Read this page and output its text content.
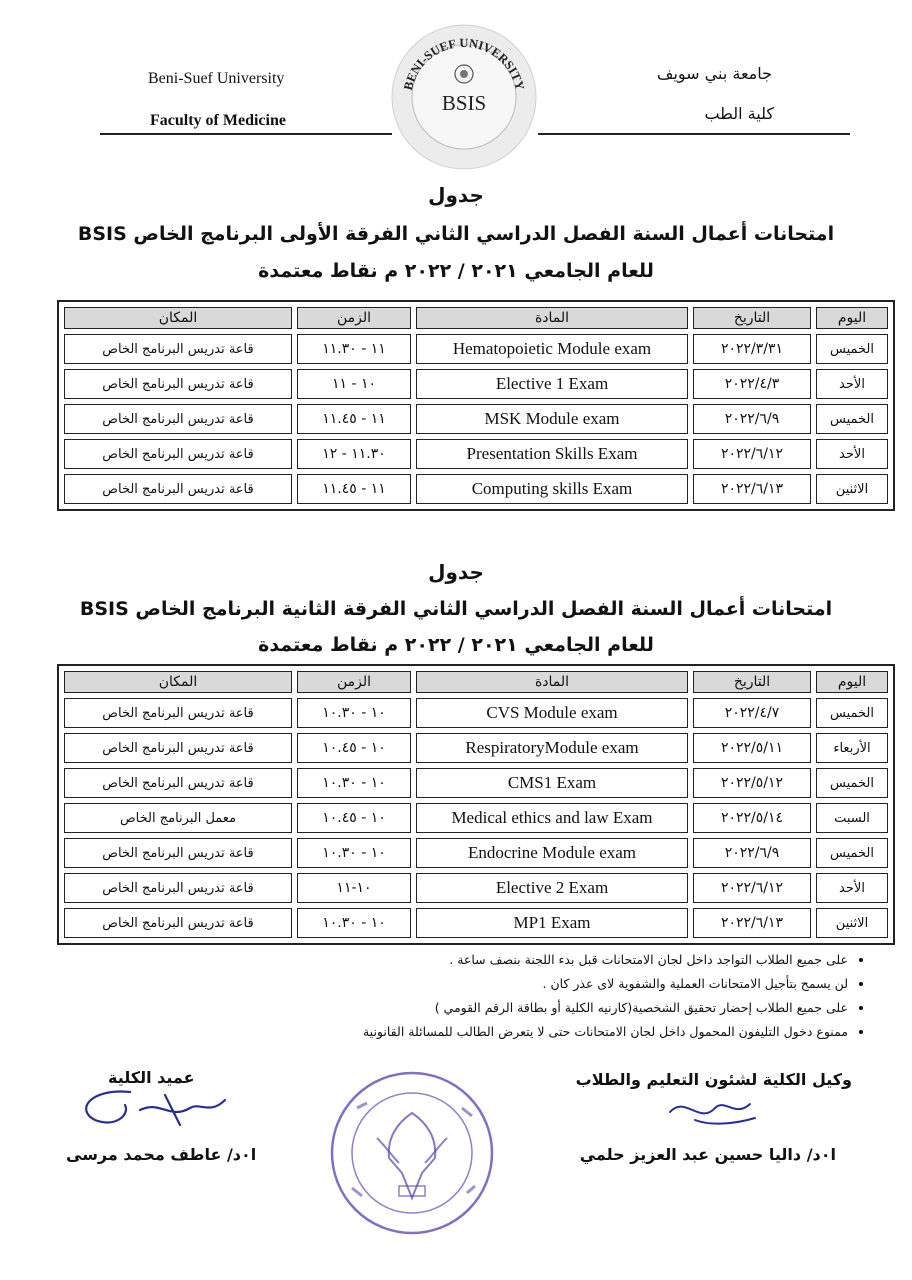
Beni-Suef University
Faculty of Medicine
جامعة بني سويف
كلية الطب
BENI-SUEF UNIVERSITY
BSIS
جدول
امتحانات أعمال السنة الفصل الدراسي الثاني الفرقة الأولى البرنامج الخاص BSIS
للعام الجامعي ٢٠٢١ / ٢٠٢٢ م نقاط معتمدة
اليوم	التاريخ	المادة	الزمن	المكان
الخميس	٢٠٢٢/٣/٣١	Hematopoietic Module exam	١١ - ١١.٣٠	قاعة تدريس البرنامج الخاص
الأحد	٢٠٢٢/٤/٣	Elective 1 Exam	١٠ - ١١	قاعة تدريس البرنامج الخاص
الخميس	٢٠٢٢/٦/٩	MSK Module exam	١١ - ١١.٤٥	قاعة تدريس البرنامج الخاص
الأحد	٢٠٢٢/٦/١٢	Presentation Skills Exam	١١.٣٠ - ١٢	قاعة تدريس البرنامج الخاص
الاثنين	٢٠٢٢/٦/١٣	Computing skills Exam	١١ - ١١.٤٥	قاعة تدريس البرنامج الخاص
جدول
امتحانات أعمال السنة الفصل الدراسي الثاني الفرقة الثانية البرنامج الخاص BSIS
للعام الجامعي ٢٠٢١ / ٢٠٢٢ م نقاط معتمدة
اليوم	التاريخ	المادة	الزمن	المكان
الخميس	٢٠٢٢/٤/٧	CVS Module exam	١٠ - ١٠.٣٠	قاعة تدريس البرنامج الخاص
الأربعاء	٢٠٢٢/٥/١١	RespiratoryModule exam	١٠ - ١٠.٤٥	قاعة تدريس البرنامج الخاص
الخميس	٢٠٢٢/٥/١٢	CMS1 Exam	١٠ - ١٠.٣٠	قاعة تدريس البرنامج الخاص
السبت	٢٠٢٢/٥/١٤	Medical ethics and law Exam	١٠ - ١٠.٤٥	معمل البرنامج الخاص
الخميس	٢٠٢٢/٦/٩	Endocrine Module exam	١٠ - ١٠.٣٠	قاعة تدريس البرنامج الخاص
الأحد	٢٠٢٢/٦/١٢	Elective 2 Exam	١٠-١١	قاعة تدريس البرنامج الخاص
الاثنين	٢٠٢٢/٦/١٣	MP1 Exam	١٠ - ١٠.٣٠	قاعة تدريس البرنامج الخاص
• على جميع الطلاب التواجد داخل لجان الامتحانات قبل بدء اللجنة بنصف ساعة .
• لن يسمح بتأجيل الامتحانات العملية والشفوية لاى عذر كان .
• على جميع الطلاب إحضار تحقيق الشخصية(كارنيه الكلية أو بطاقة الرقم القومي )
• ممنوع دخول التليفون المحمول داخل لجان الامتحانات حتى لا يتعرض الطالب للمسائلة القانونية
وكيل الكلية لشئون التعليم والطلاب
ا٠د/ داليا حسين عبد العزيز حلمي
عميد الكلية
ا٠د/ عاطف محمد مرسى
